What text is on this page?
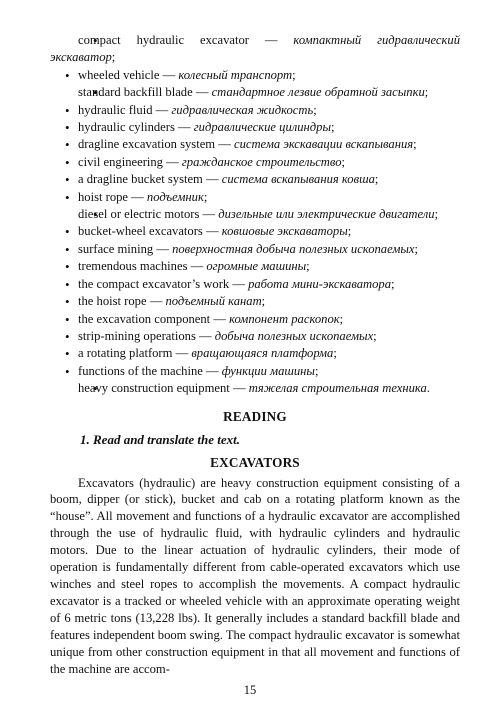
• compact hydraulic excavator — компактный гидравлический экскаватор;
• wheeled vehicle — колесный транспорт;
• standard backfill blade — стандартное лезвие обратной засыпки;
• hydraulic fluid — гидравлическая жидкость;
• hydraulic cylinders — гидравлические цилиндры;
• dragline excavation system — система экскавации вскапывания;
• civil engineering — гражданское строительство;
• a dragline bucket system — система вскапывания ковша;
• hoist rope — подъемник;
• diesel or electric motors — дизельные или электрические двигатели;
• bucket-wheel excavators — ковшовые экскаваторы;
• surface mining — поверхностная добыча полезных ископаемых;
• tremendous machines — огромные машины;
• the compact excavator’s work — работа мини-экскаватора;
• the hoist rope — подъемный канат;
• the excavation component — компонент раскопок;
• strip-mining operations — добыча полезных ископаемых;
• a rotating platform — вращающаяся платформа;
• functions of the machine — функции машины;
• heavy construction equipment — тяжелая строительная техника.
READING
1. Read and translate the text.
EXCAVATORS

Excavators (hydraulic) are heavy construction equipment consisting of a boom, dipper (or stick), bucket and cab on a rotating platform known as the “house”. All movement and functions of a hydraulic excavator are accomplished through the use of hydraulic fluid, with hydraulic cylinders and hydraulic motors. Due to the linear actuation of hydraulic cylinders, their mode of operation is fundamentally different from cable-operated excavators which use winches and steel ropes to accomplish the movements. A compact hydraulic excavator is a tracked or wheeled vehicle with an approximate operating weight of 6 metric tons (13,228 lbs). It generally includes a standard backfill blade and features independent boom swing. The compact hydraulic excavator is somewhat unique from other construction equipment in that all movement and functions of the machine are accom-

15
